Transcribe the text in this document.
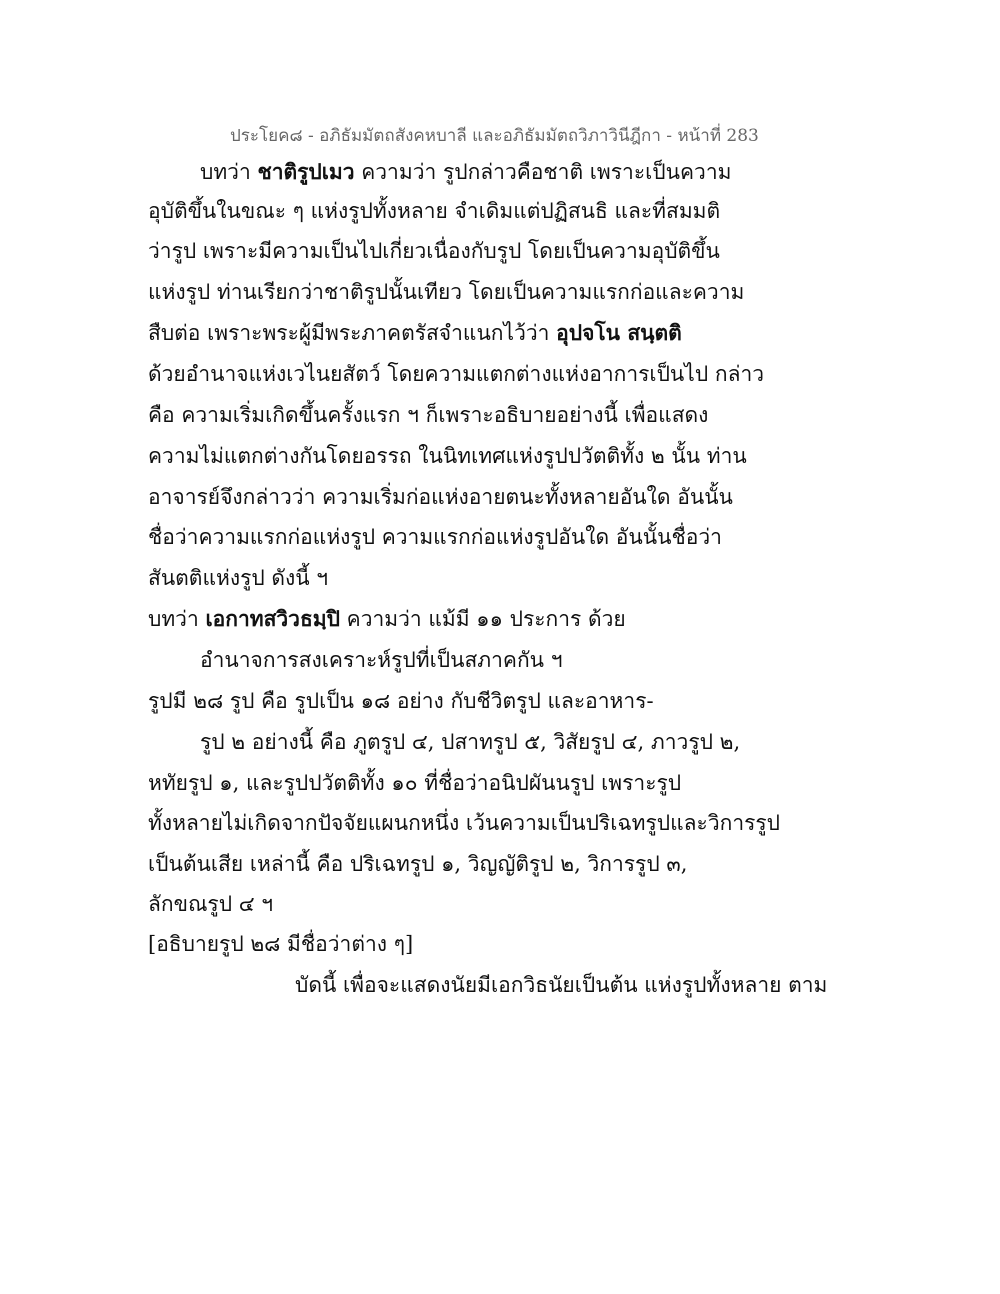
ประโยค๘ - อภิธัมมัตถสังคหบาลี และอภิธัมมัตถวิภาวินีฎีกา - หน้าที่ 283
บทว่า ชาติรูปเมว ความว่า รูปกล่าวคือชาติ เพราะเป็นความ
อุบัติขึ้นในขณะ ๆ แห่งรูปทั้งหลาย จำเดิมแต่ปฏิสนธิ และที่สมมติ
ว่ารูป เพราะมีความเป็นไปเกี่ยวเนื่องกับรูป โดยเป็นความอุบัติขึ้น
แห่งรูป ท่านเรียกว่าชาติรูปนั้นเทียว โดยเป็นความแรกก่อและความ
สืบต่อ เพราะพระผู้มีพระภาคตรัสจำแนกไว้ว่า อุปจโน สนฺตติ
ด้วยอำนาจแห่งเวไนยสัตว์ โดยความแตกต่างแห่งอาการเป็นไป กล่าว
คือ ความเริ่มเกิดขึ้นครั้งแรก ฯ ก็เพราะอธิบายอย่างนี้ เพื่อแสดง
ความไม่แตกต่างกันโดยอรรถ ในนิทเทศแห่งรูปปวัตติทั้ง ๒ นั้น ท่าน
อาจารย์จึงกล่าวว่า ความเริ่มก่อแห่งอายตนะทั้งหลายอันใด อันนั้น
ชื่อว่าความแรกก่อแห่งรูป ความแรกก่อแห่งรูปอันใด อันนั้นชื่อว่า
สันตติแห่งรูป ดังนี้ ฯ
บทว่า เอกาทสวิวธมฺปิ ความว่า แม้มี ๑๑ ประการ ด้วย
อำนาจการสงเคราะห์รูปที่เป็นสภาคกัน ฯ
รูปมี ๒๘ รูป คือ รูปเป็น ๑๘ อย่าง กับชีวิตรูป และอาหาร-
รูป ๒ อย่างนี้ คือ ภูตรูป ๔, ปสาทรูป ๕, วิสัยรูป ๔, ภาวรูป ๒,
หทัยรูป ๑, และรูปปวัตติทั้ง ๑๐ ที่ชื่อว่าอนิปผันนรูป เพราะรูป
ทั้งหลายไม่เกิดจากปัจจัยแผนกหนึ่ง เว้นความเป็นปริเฉทรูปและวิการรูป
เป็นต้นเสีย เหล่านี้ คือ ปริเฉทรูป ๑, วิญญัติรูป ๒, วิการรูป ๓,
ลักขณรูป ๔ ฯ
[อธิบายรูป ๒๘ มีชื่อว่าต่าง ๆ]
บัดนี้ เพื่อจะแสดงนัยมีเอกวิธนัยเป็นต้น แห่งรูปทั้งหลาย ตาม
